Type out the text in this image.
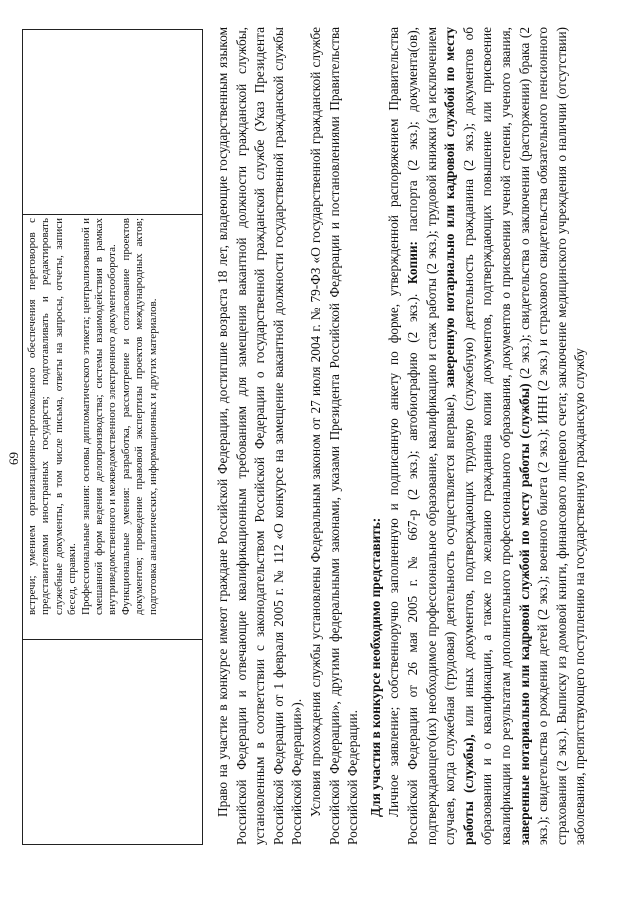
69 встречи; умением организационно-протокольного обеспечения переговоров с представителями иностранных государств; подготавливать и редактировать служебные документы, в том числе письма, ответы на запросы, отчеты, записи бесед, справки. Профессиональные знания: основы дипломатического этикета; централизованной и смешанной форм ведения делопроизводства; системы взаимодействия в рамках внутриведомственного и межведомственного электронного документооборота. Функциональные умения: разработка, рассмотрение и согласование проектов документов; проведение правовой экспертизы проектов международных актов; подготовка аналитических, информационных и других материалов.	Право на участие в конкурсе имеют граждане Российской Федерации, достигшие возраста 18 лет, владеющие государственным языком Российской Федерации и отвечающие квалификационным требованиям для замещения вакантной должности гражданской службы, установленным в соответствии с законодательством Российской Федерации о государственной гражданской службе (Указ Президента Российской Федерации от 1 февраля 2005 г. № 112 «О конкурсе на замещение вакантной должности государственной гражданской службы Российской Федерации»). Условия прохождения службы установлены Федеральным законом от 27 июля 2004 г. № 79-ФЗ «О государственной гражданской службе Российской Федерации», другими федеральными законами, указами Президента Российской Федерации и постановлениями Правительства Российской Федерации. Для участия в конкурсе необходимо представить: Личное заявление; собственноручно заполненную и подписанную анкету по форме, утвержденной распоряжением Правительства Российской Федерации от 26 мая 2005 г. № 667-р (2 экз.); автобиографию (2 экз.). Копии: паспорта (2 экз.); документа(ов), подтверждающего(их) необходимое профессиональное образование, квалификацию и стаж работы (2 экз.); трудовой книжки (за исключением случаев, когда служебная (трудовая) деятельность осуществляется впервые), заверенную нотариально или кадровой службой по месту работы (службы), или иных документов, подтверждающих трудовую (служебную) деятельность гражданина (2 экз.); документов об образовании и о квалификации, а также по желанию гражданина копии документов, подтверждающих повышение или присвоение квалификации по результатам дополнительного профессионального образования, документов о присвоении ученой степени, ученого звания, заверенные нотариально или кадровой службой по месту работы (службы) (2 экз.); свидетельства о заключении (расторжении) брака (2 экз.); свидетельства о рождении детей (2 экз.); военного билета (2 экз.); ИНН (2 экз.) и страхового свидетельства обязательного пенсионного страхования (2 экз.). Выписку из домовой книги, финансового лицевого счета; заключение медицинского учреждения о наличии (отсутствии) заболевания, препятствующего поступлению на государственную гражданскую службу
